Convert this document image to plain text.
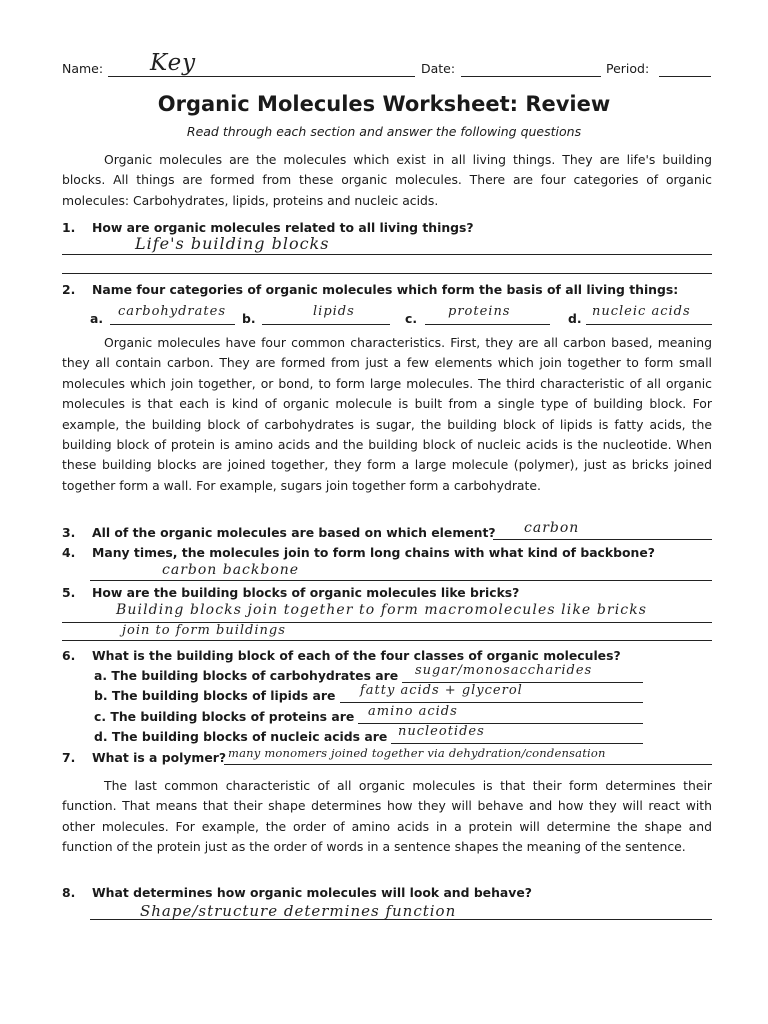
Name: Key	Date:	Period:
Organic Molecules Worksheet: Review
Read through each section and answer the following questions

Organic molecules are the molecules which exist in all living things. They are life's building blocks. All things are formed from these organic molecules. There are four categories of organic molecules: Carbohydrates, lipids, proteins and nucleic acids.

1. How are organic molecules related to all living things?
Life's building blocks
2. Name four categories of organic molecules which form the basis of all living things:
a. carbohydrates b.	lipids	c. proteins	d. nucleic acids

Organic molecules have four common characteristics. First, they are all carbon based, meaning they all contain carbon. They are formed from just a few elements which join together to form small molecules which join together, or bond, to form large molecules. The third characteristic of all organic molecules is that each is kind of organic molecule is built from a single type of building block. For example, the building block of carbohydrates is sugar, the building block of lipids is fatty acids, the building block of protein is amino acids and the building block of nucleic acids is the nucleotide. When these building blocks are joined together, they form a large molecule (polymer), just as bricks joined together form a wall. For example, sugars join together form a carbohydrate.

3. All of the organic molecules are based on which element? carbon
4. Many times, the molecules join to form long chains with what kind of backbone?
carbon backbone
5. How are the building blocks of organic molecules like bricks?
Building blocks join together to form macromolecules like bricks
join to form buildings
6. What is the building block of each of the four classes of organic molecules?
a. The building blocks of carbohydrates are sugar/monosaccharides
b. The building blocks of lipids are fatty acids + glycerol
c. The building blocks of proteins are amino acids
d. The building blocks of nucleic acids are nucleotides
7. What is a polymer? many monomers joined together via dehydration/condensation

The last common characteristic of all organic molecules is that their form determines their function. That means that their shape determines how they will behave and how they will react with other molecules. For example, the order of amino acids in a protein will determine the shape and function of the protein just as the order of words in a sentence shapes the meaning of the sentence.

8. What determines how organic molecules will look and behave?
Shape/structure determines function
